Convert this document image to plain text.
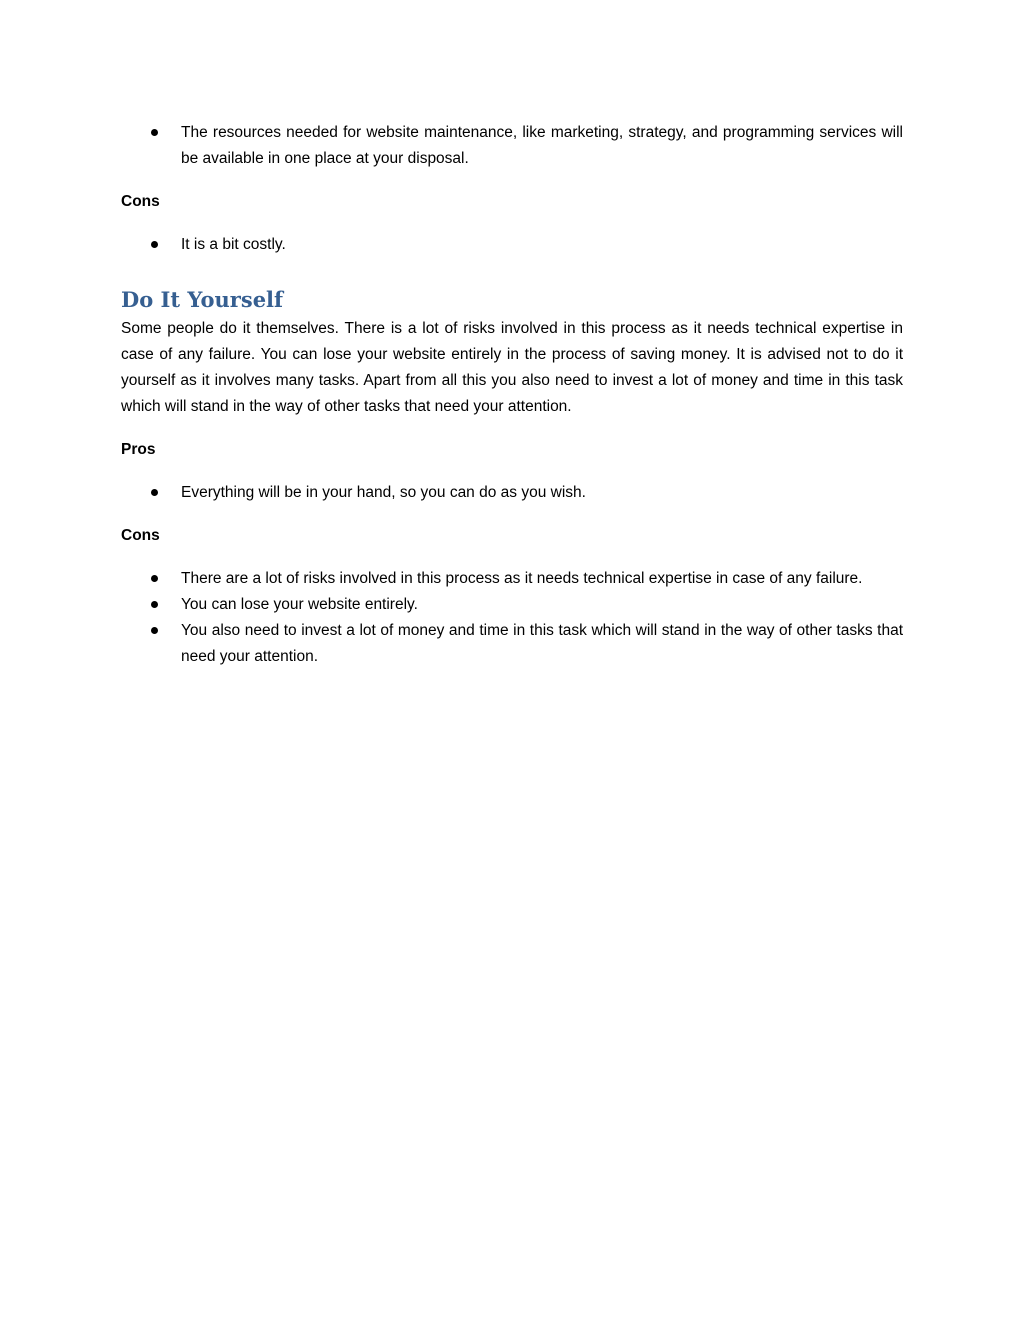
The resources needed for website maintenance, like marketing, strategy, and programming services will be available in one place at your disposal.
Cons
It is a bit costly.
Do It Yourself

Some people do it themselves. There is a lot of risks involved in this process as it needs technical expertise in case of any failure. You can lose your website entirely in the process of saving money. It is advised not to do it yourself as it involves many tasks. Apart from all this you also need to invest a lot of money and time in this task which will stand in the way of other tasks that need your attention.

Pros
Everything will be in your hand, so you can do as you wish.
Cons
There are a lot of risks involved in this process as it needs technical expertise in case of any failure.
You can lose your website entirely.
You also need to invest a lot of money and time in this task which will stand in the way of other tasks that need your attention.
